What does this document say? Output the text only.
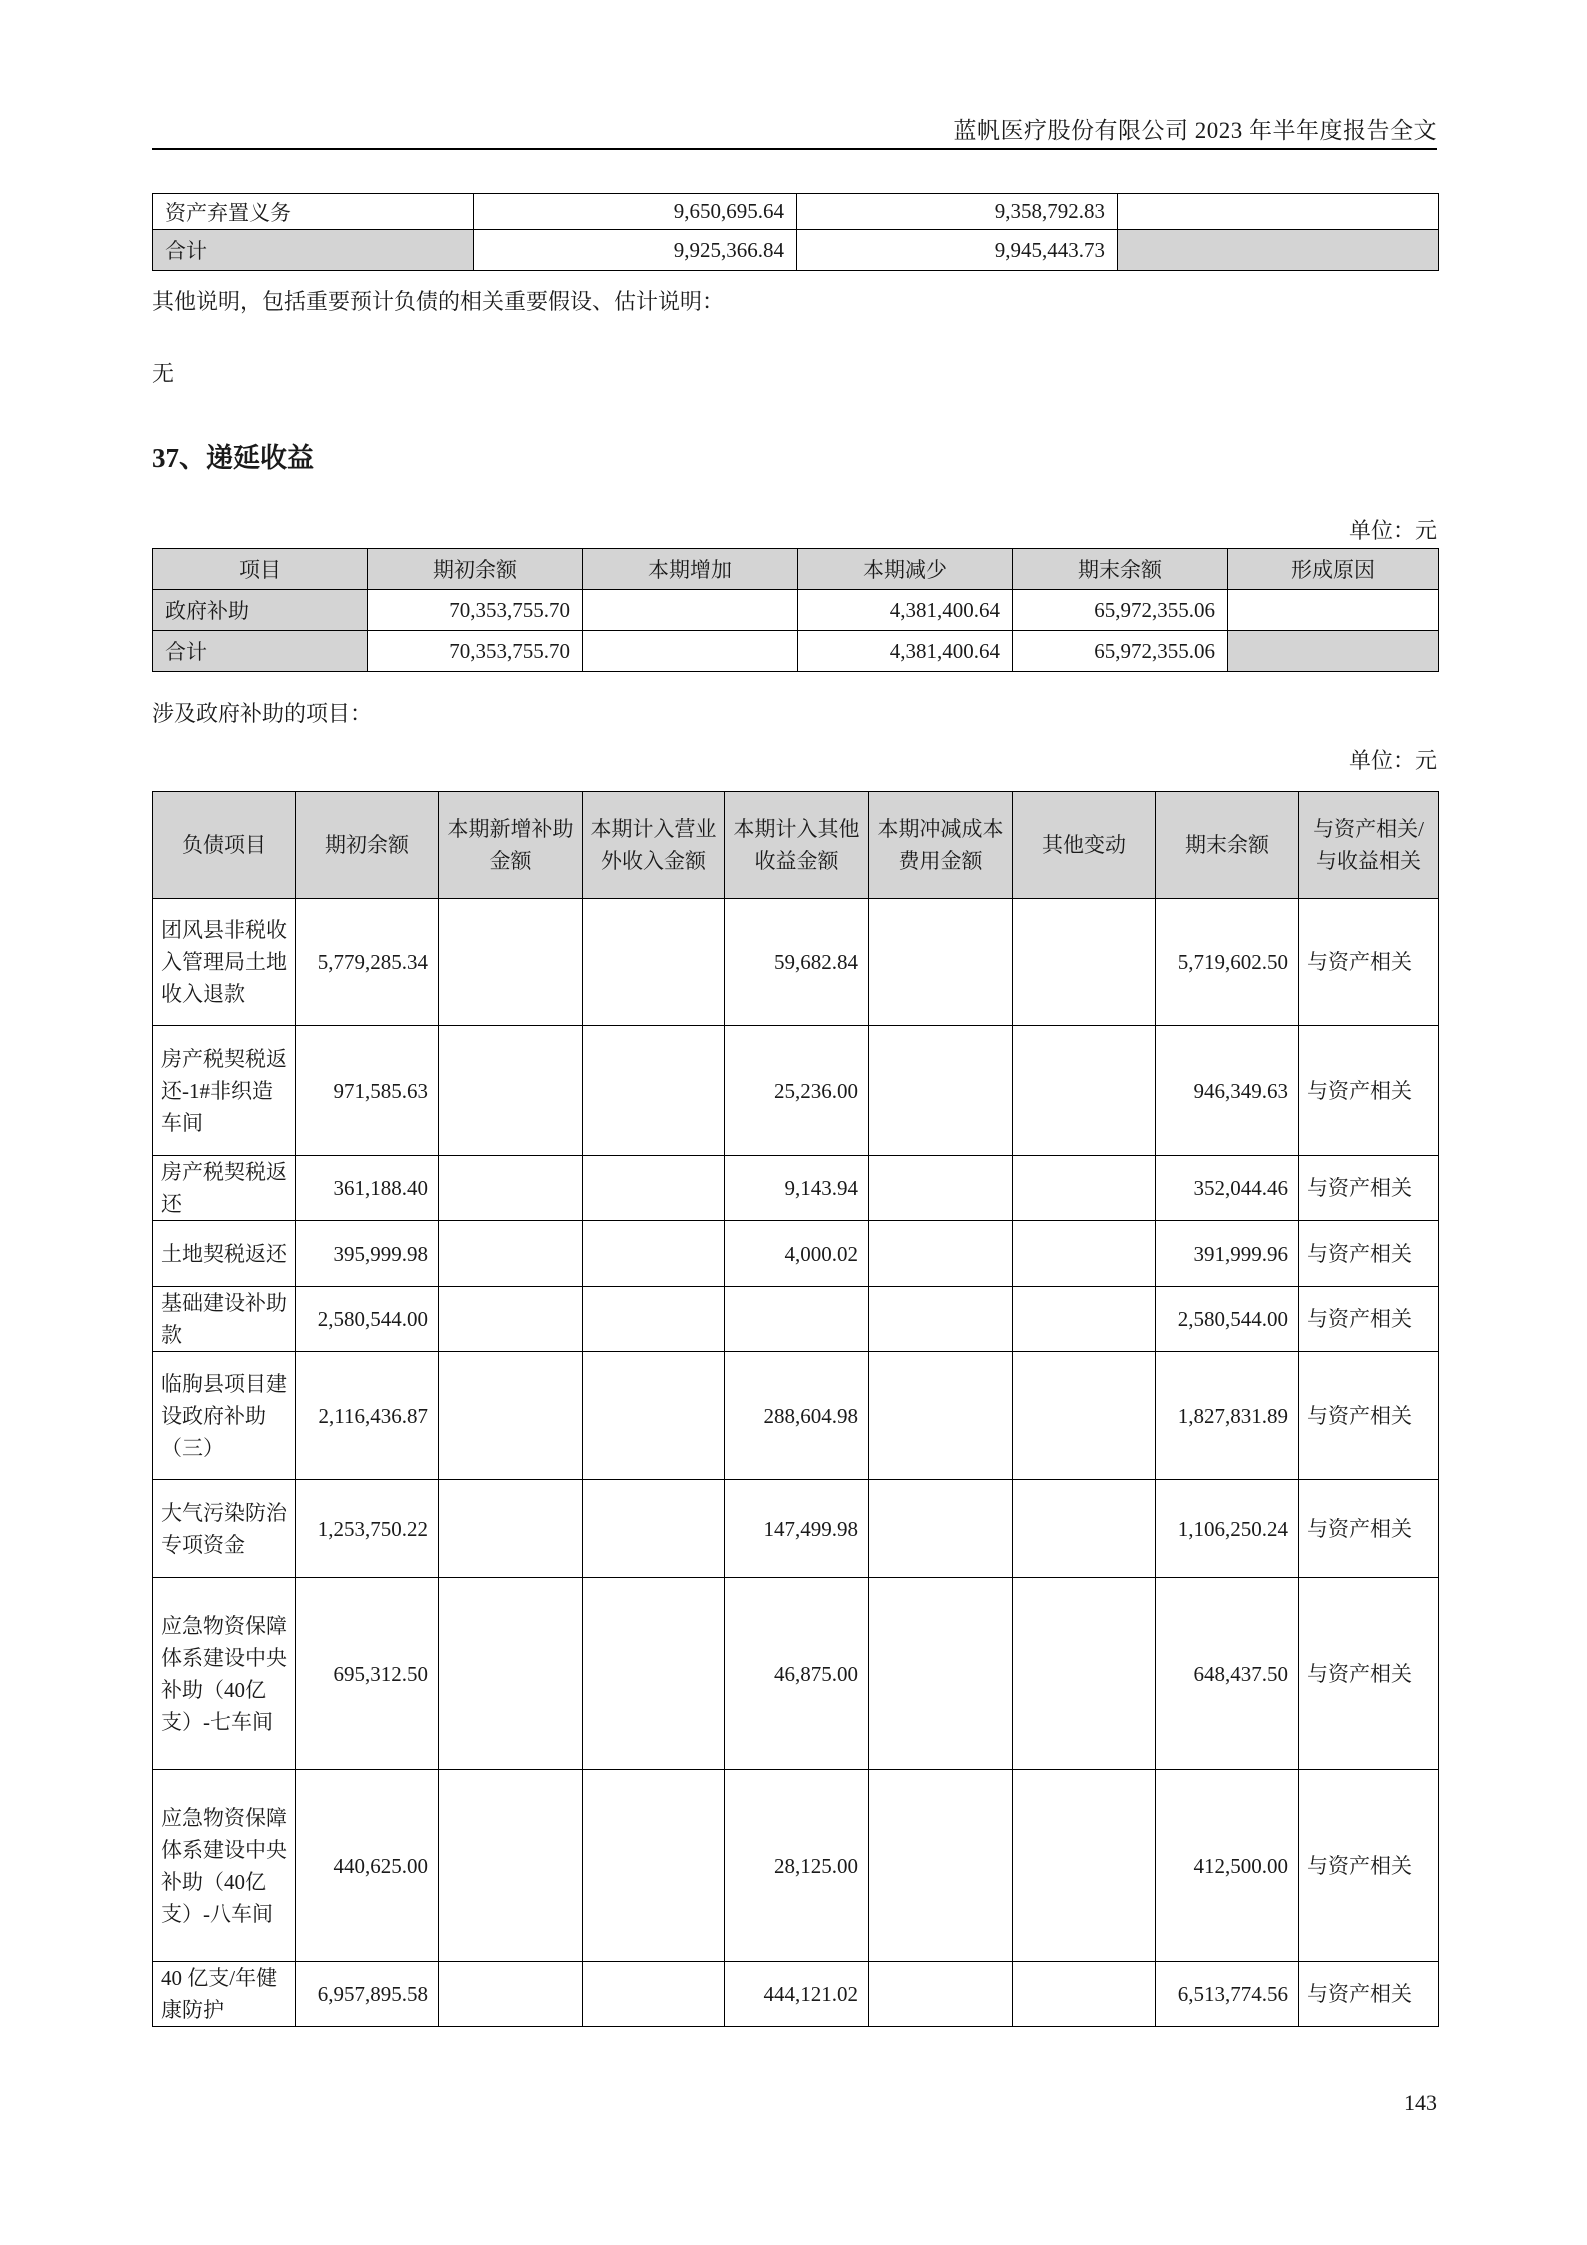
蓝帆医疗股份有限公司 2023 年半年度报告全文
资产弃置义务	9,650,695.64	9,358,792.83	
合计	9,925,366.84	9,945,443.73	
其他说明，包括重要预计负债的相关重要假设、估计说明：
无
37、递延收益
单位：元
项目	期初余额	本期增加	本期减少	期末余额	形成原因
政府补助	70,353,755.70		4,381,400.64	65,972,355.06	
合计	70,353,755.70		4,381,400.64	65,972,355.06	
涉及政府补助的项目：
单位：元
负债项目	期初余额	本期新增补助金额	本期计入营业外收入金额	本期计入其他收益金额	本期冲减成本费用金额	其他变动	期末余额	与资产相关/与收益相关
团风县非税收入管理局土地收入退款	5,779,285.34			59,682.84			5,719,602.50	与资产相关
房产税契税返还-1#非织造车间	971,585.63			25,236.00			946,349.63	与资产相关
房产税契税返还	361,188.40			9,143.94			352,044.46	与资产相关
土地契税返还	395,999.98			4,000.02			391,999.96	与资产相关
基础建设补助款	2,580,544.00						2,580,544.00	与资产相关
临朐县项目建设政府补助（三）	2,116,436.87			288,604.98			1,827,831.89	与资产相关
大气污染防治专项资金	1,253,750.22			147,499.98			1,106,250.24	与资产相关
应急物资保障体系建设中央补助（40亿支）-七车间	695,312.50			46,875.00			648,437.50	与资产相关
应急物资保障体系建设中央补助（40亿支）-八车间	440,625.00			28,125.00			412,500.00	与资产相关
40 亿支/年健康防护	6,957,895.58			444,121.02			6,513,774.56	与资产相关
143
